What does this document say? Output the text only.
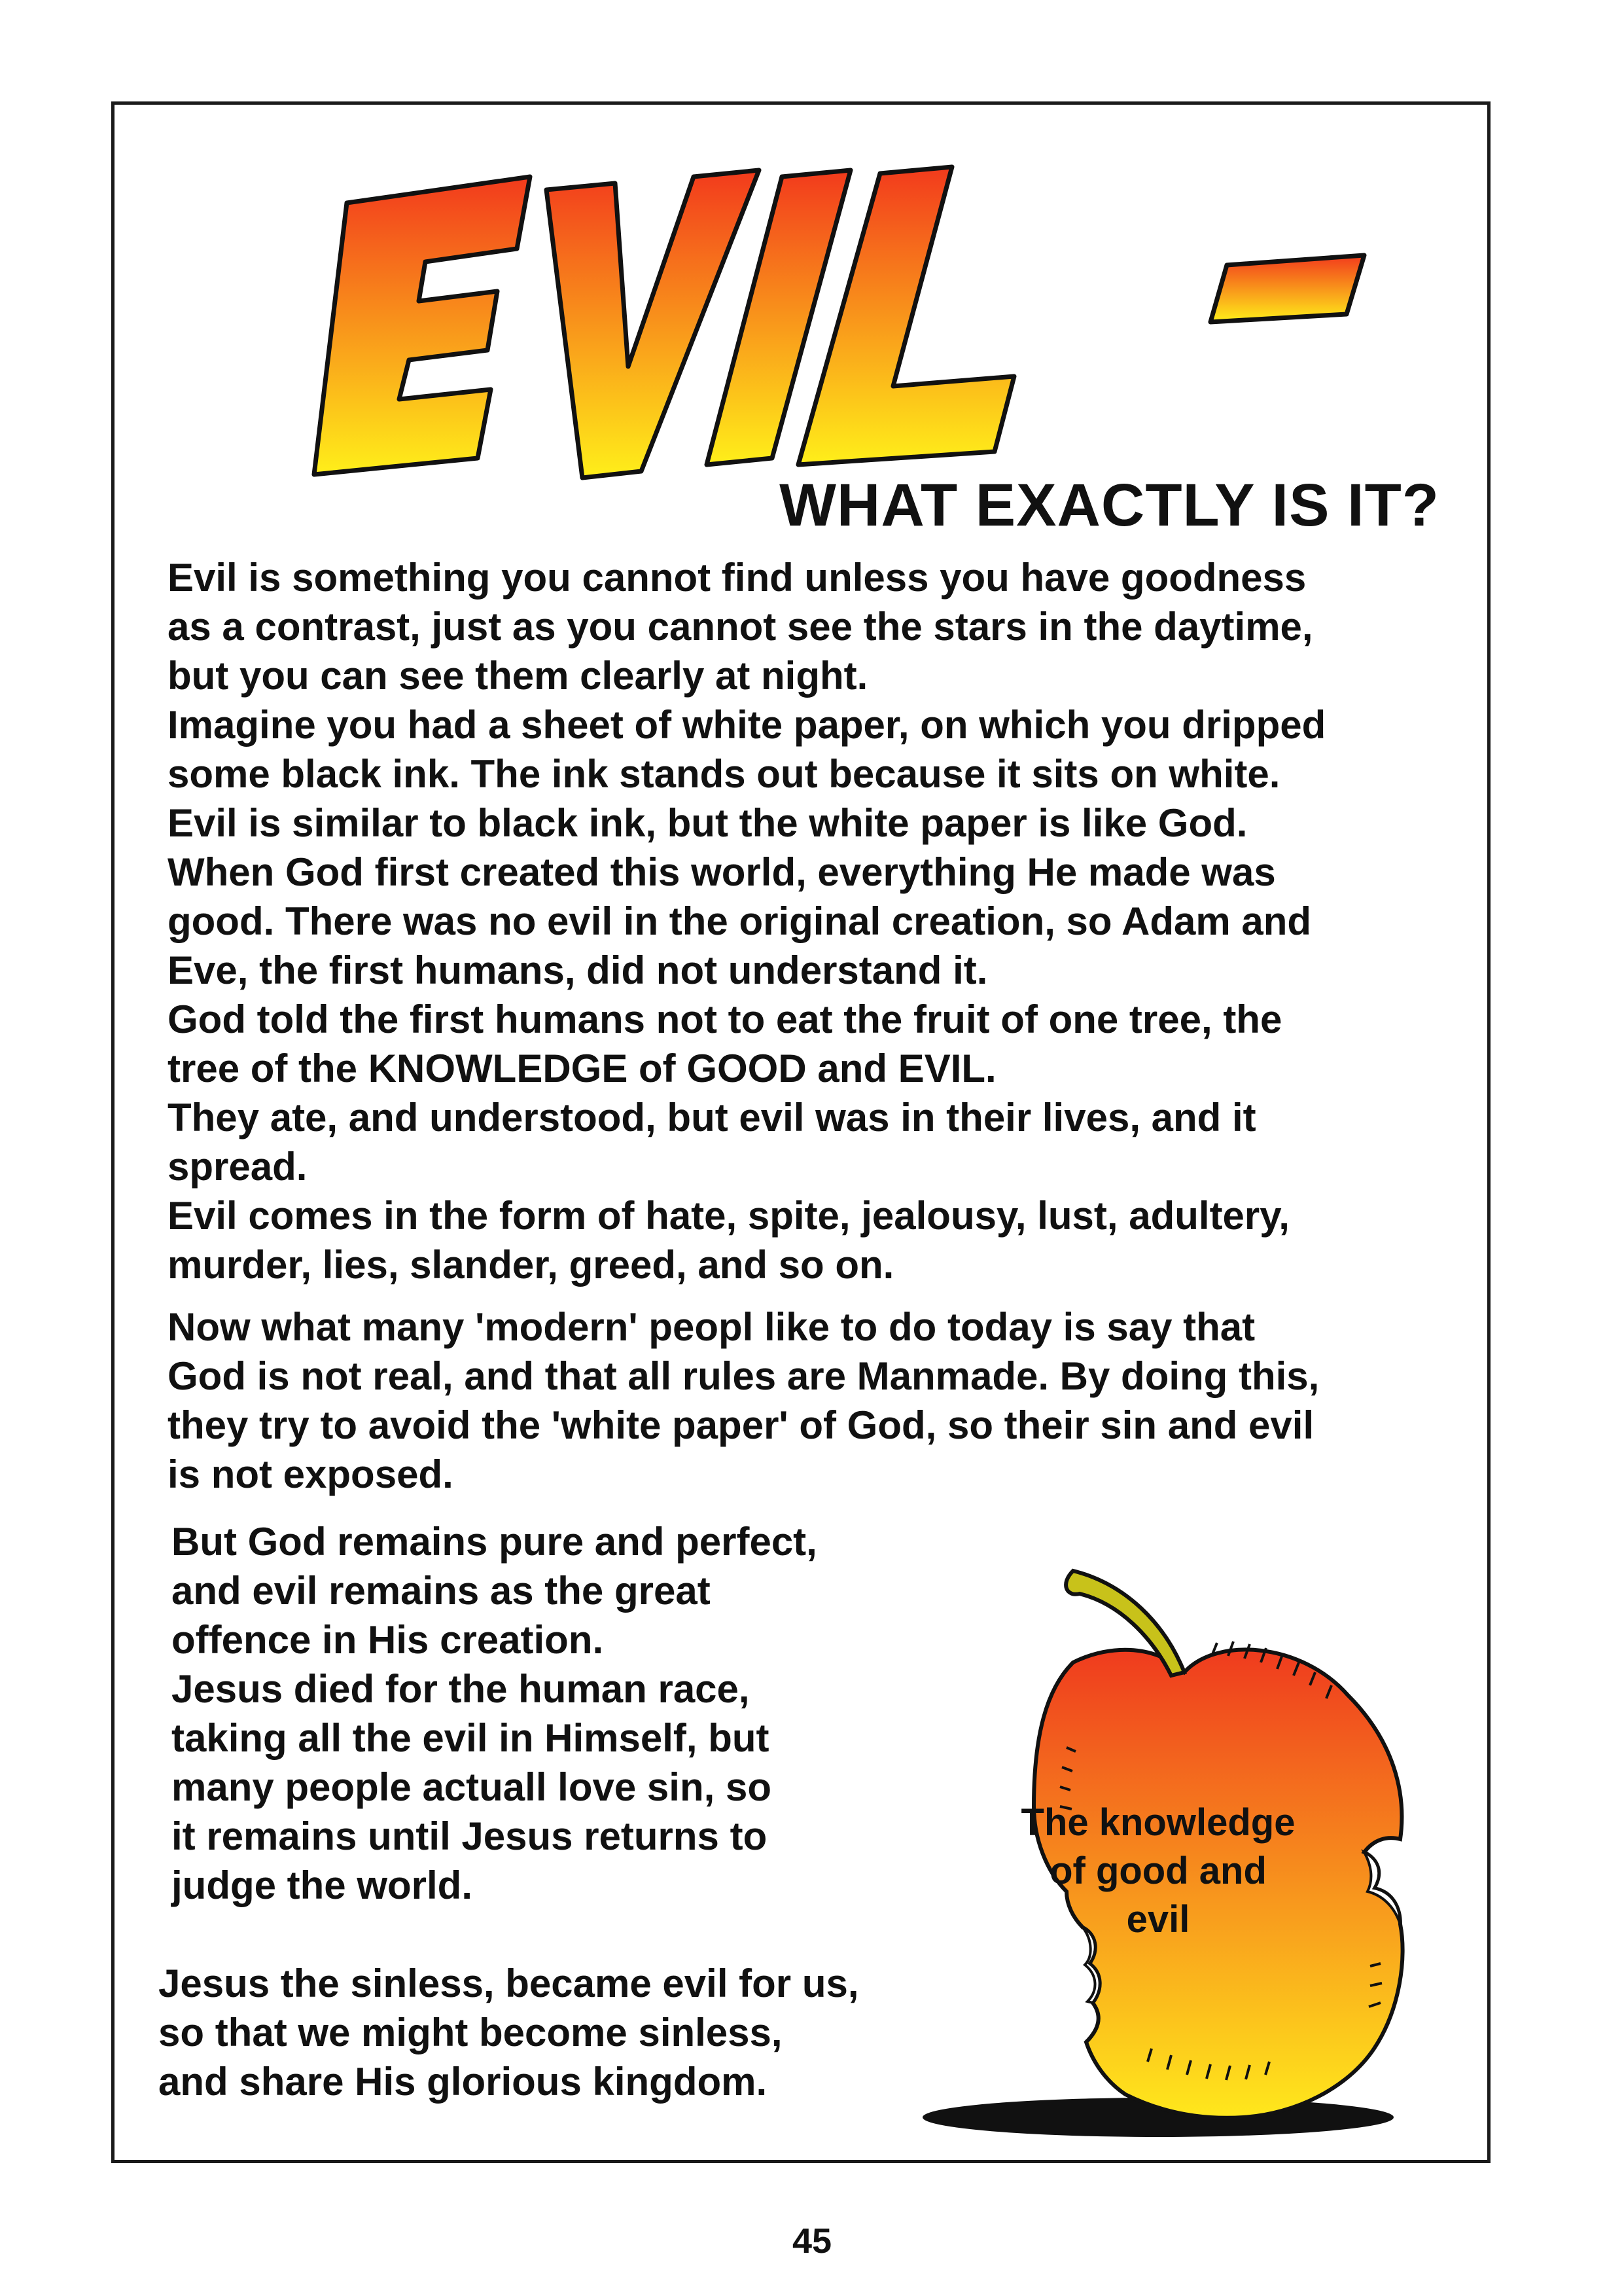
EVIL -
WHAT EXACTLY IS IT?

Evil is something you cannot find unless you have goodness
as a contrast, just as you cannot see the stars in the daytime,
but you can see them clearly at night.
Imagine you had a sheet of white paper, on which you dripped
some black ink. The ink stands out because it sits on white.
Evil is similar to black ink, but the white paper is like God.
When God first created this world, everything He made was
good. There was no evil in the original creation, so Adam and
Eve, the first humans, did not understand it.
God told the first humans not to eat the fruit of one tree, the
tree of the KNOWLEDGE of GOOD and EVIL.
They ate, and understood, but evil was in their lives, and it
spread.
Evil comes in the form of hate, spite, jealousy, lust, adultery,
murder, lies, slander, greed, and so on.

Now what many 'modern' peopl like to do today is say that
God is not real, and that all rules are Manmade. By doing this,
they try to avoid the 'white paper' of God, so their sin and evil
is not exposed.

But God remains pure and perfect,
and evil remains as the great
offence in His creation.
Jesus died for the human race,
taking all the evil in Himself, but
many people actuall love sin, so
it remains until Jesus returns to
judge the world.

Jesus the sinless, became evil for us,
so that we might become sinless,
and share His glorious kingdom.

The knowledge
of good and
evil
45
